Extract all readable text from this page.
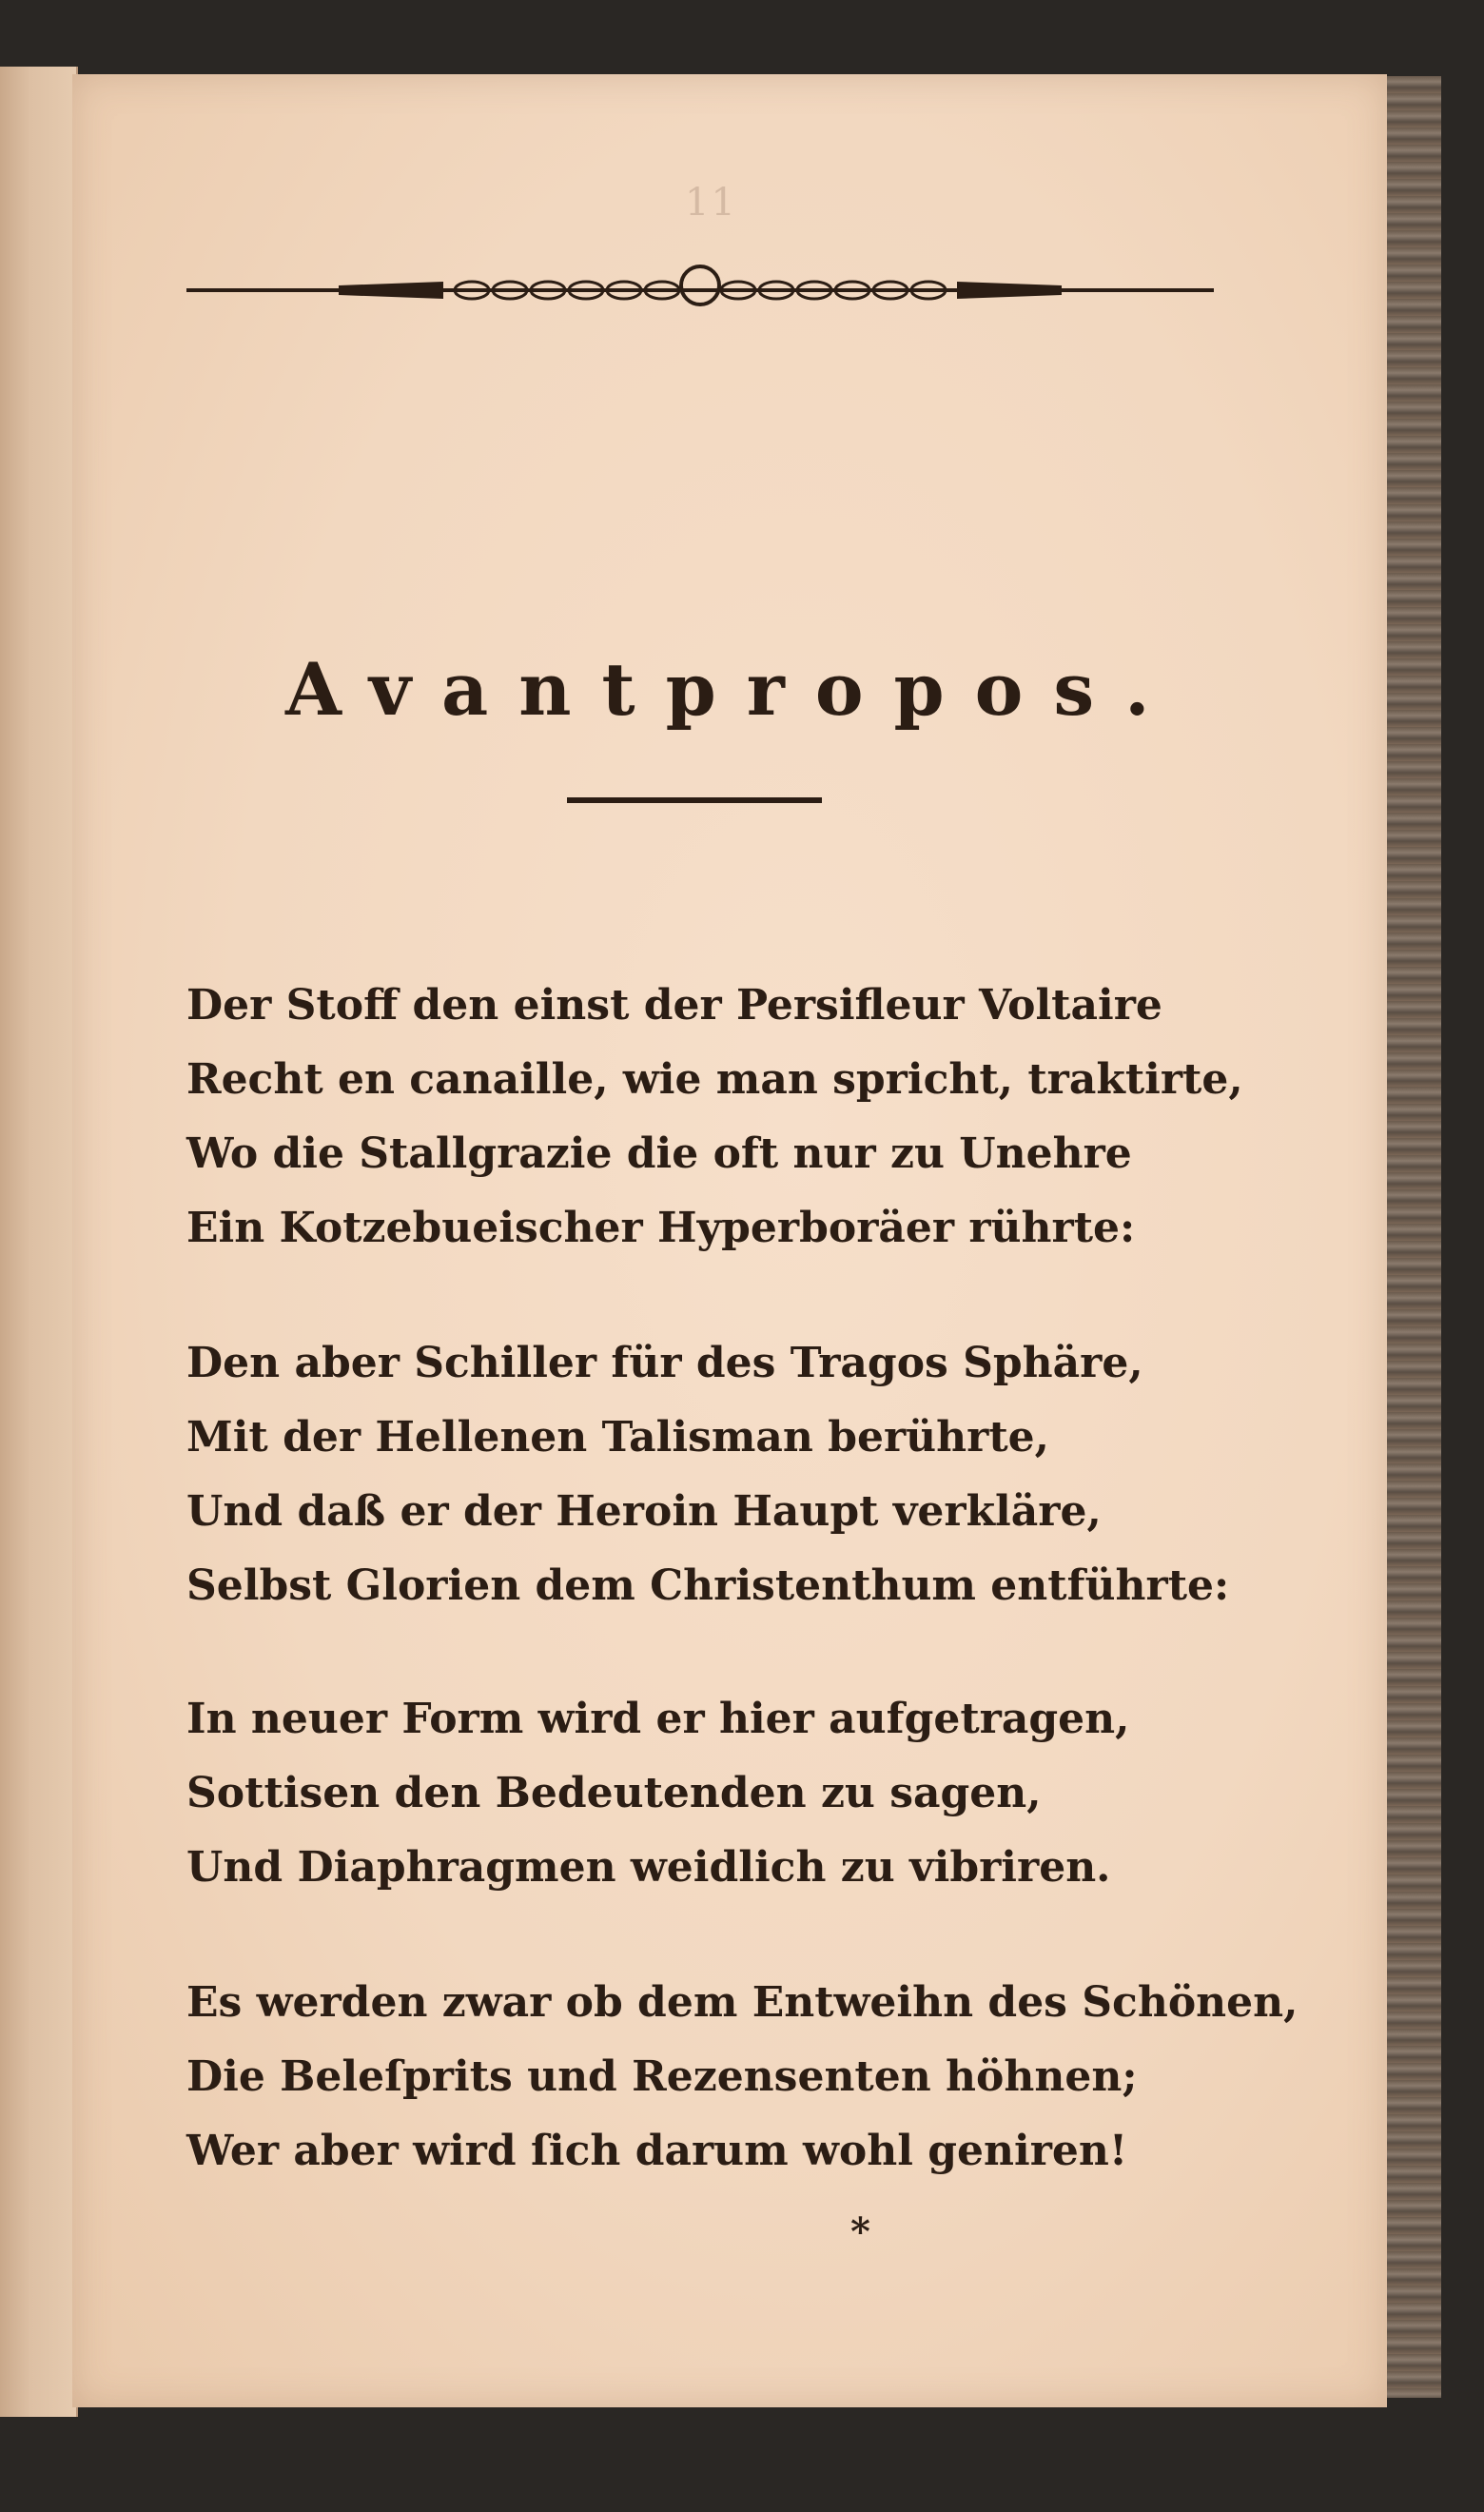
11
Avantpropos.
Der Stoff den einst der Persifleur Voltaire
Recht en canaille, wie man spricht, traktirte,
Wo die Stallgrazie die oft nur zu Unehre
Ein Kotzebueischer Hyperboräer rührte:
Den aber Schiller für des Tragos Sphäre,
Mit der Hellenen Talisman berührte,
Und daß er der Heroin Haupt verkläre,
Selbst Glorien dem Christenthum entführte:
In neuer Form wird er hier aufgetragen,
Sottisen den Bedeutenden zu sagen,
Und Diaphragmen weidlich zu vibriren.
Es werden zwar ob dem Entweihn des Schönen,
Die Beleſprits und Rezensenten höhnen;
Wer aber wird ſich darum wohl geniren!
*
